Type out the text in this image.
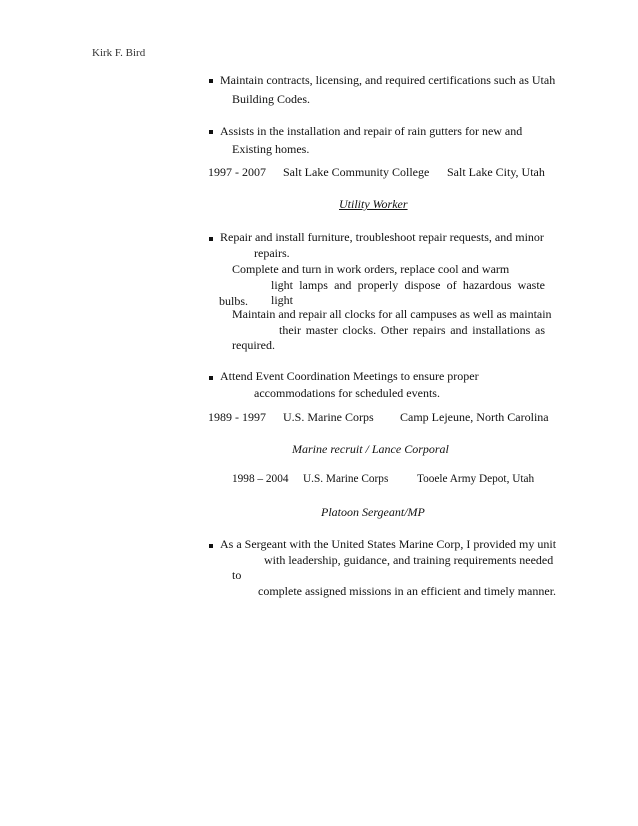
Kirk F. Bird
Maintain contracts, licensing, and required certifications such as Utah
Building Codes.
Assists in the installation and repair of rain gutters for new and
Existing homes.
1997 - 2007 Salt Lake Community College Salt Lake City, Utah
Utility Worker
Repair and install furniture, troubleshoot repair requests, and minor
repairs.
Complete and turn in work orders, replace cool and warm
light lamps and properly dispose of hazardous waste light
bulbs.
Maintain and repair all clocks for all campuses as well as maintain
their master clocks. Other repairs and installations as
required.
Attend Event Coordination Meetings to ensure proper
accommodations for scheduled events.
1989 - 1997 U.S. Marine Corps Camp Lejeune, North Carolina
Marine recruit / Lance Corporal
1998 – 2004 U.S. Marine Corps	Tooele Army Depot, Utah
Platoon Sergeant/MP
As a Sergeant with the United States Marine Corp, I provided my unit
with leadership, guidance, and training requirements needed
to
complete assigned missions in an efficient and timely manner.
